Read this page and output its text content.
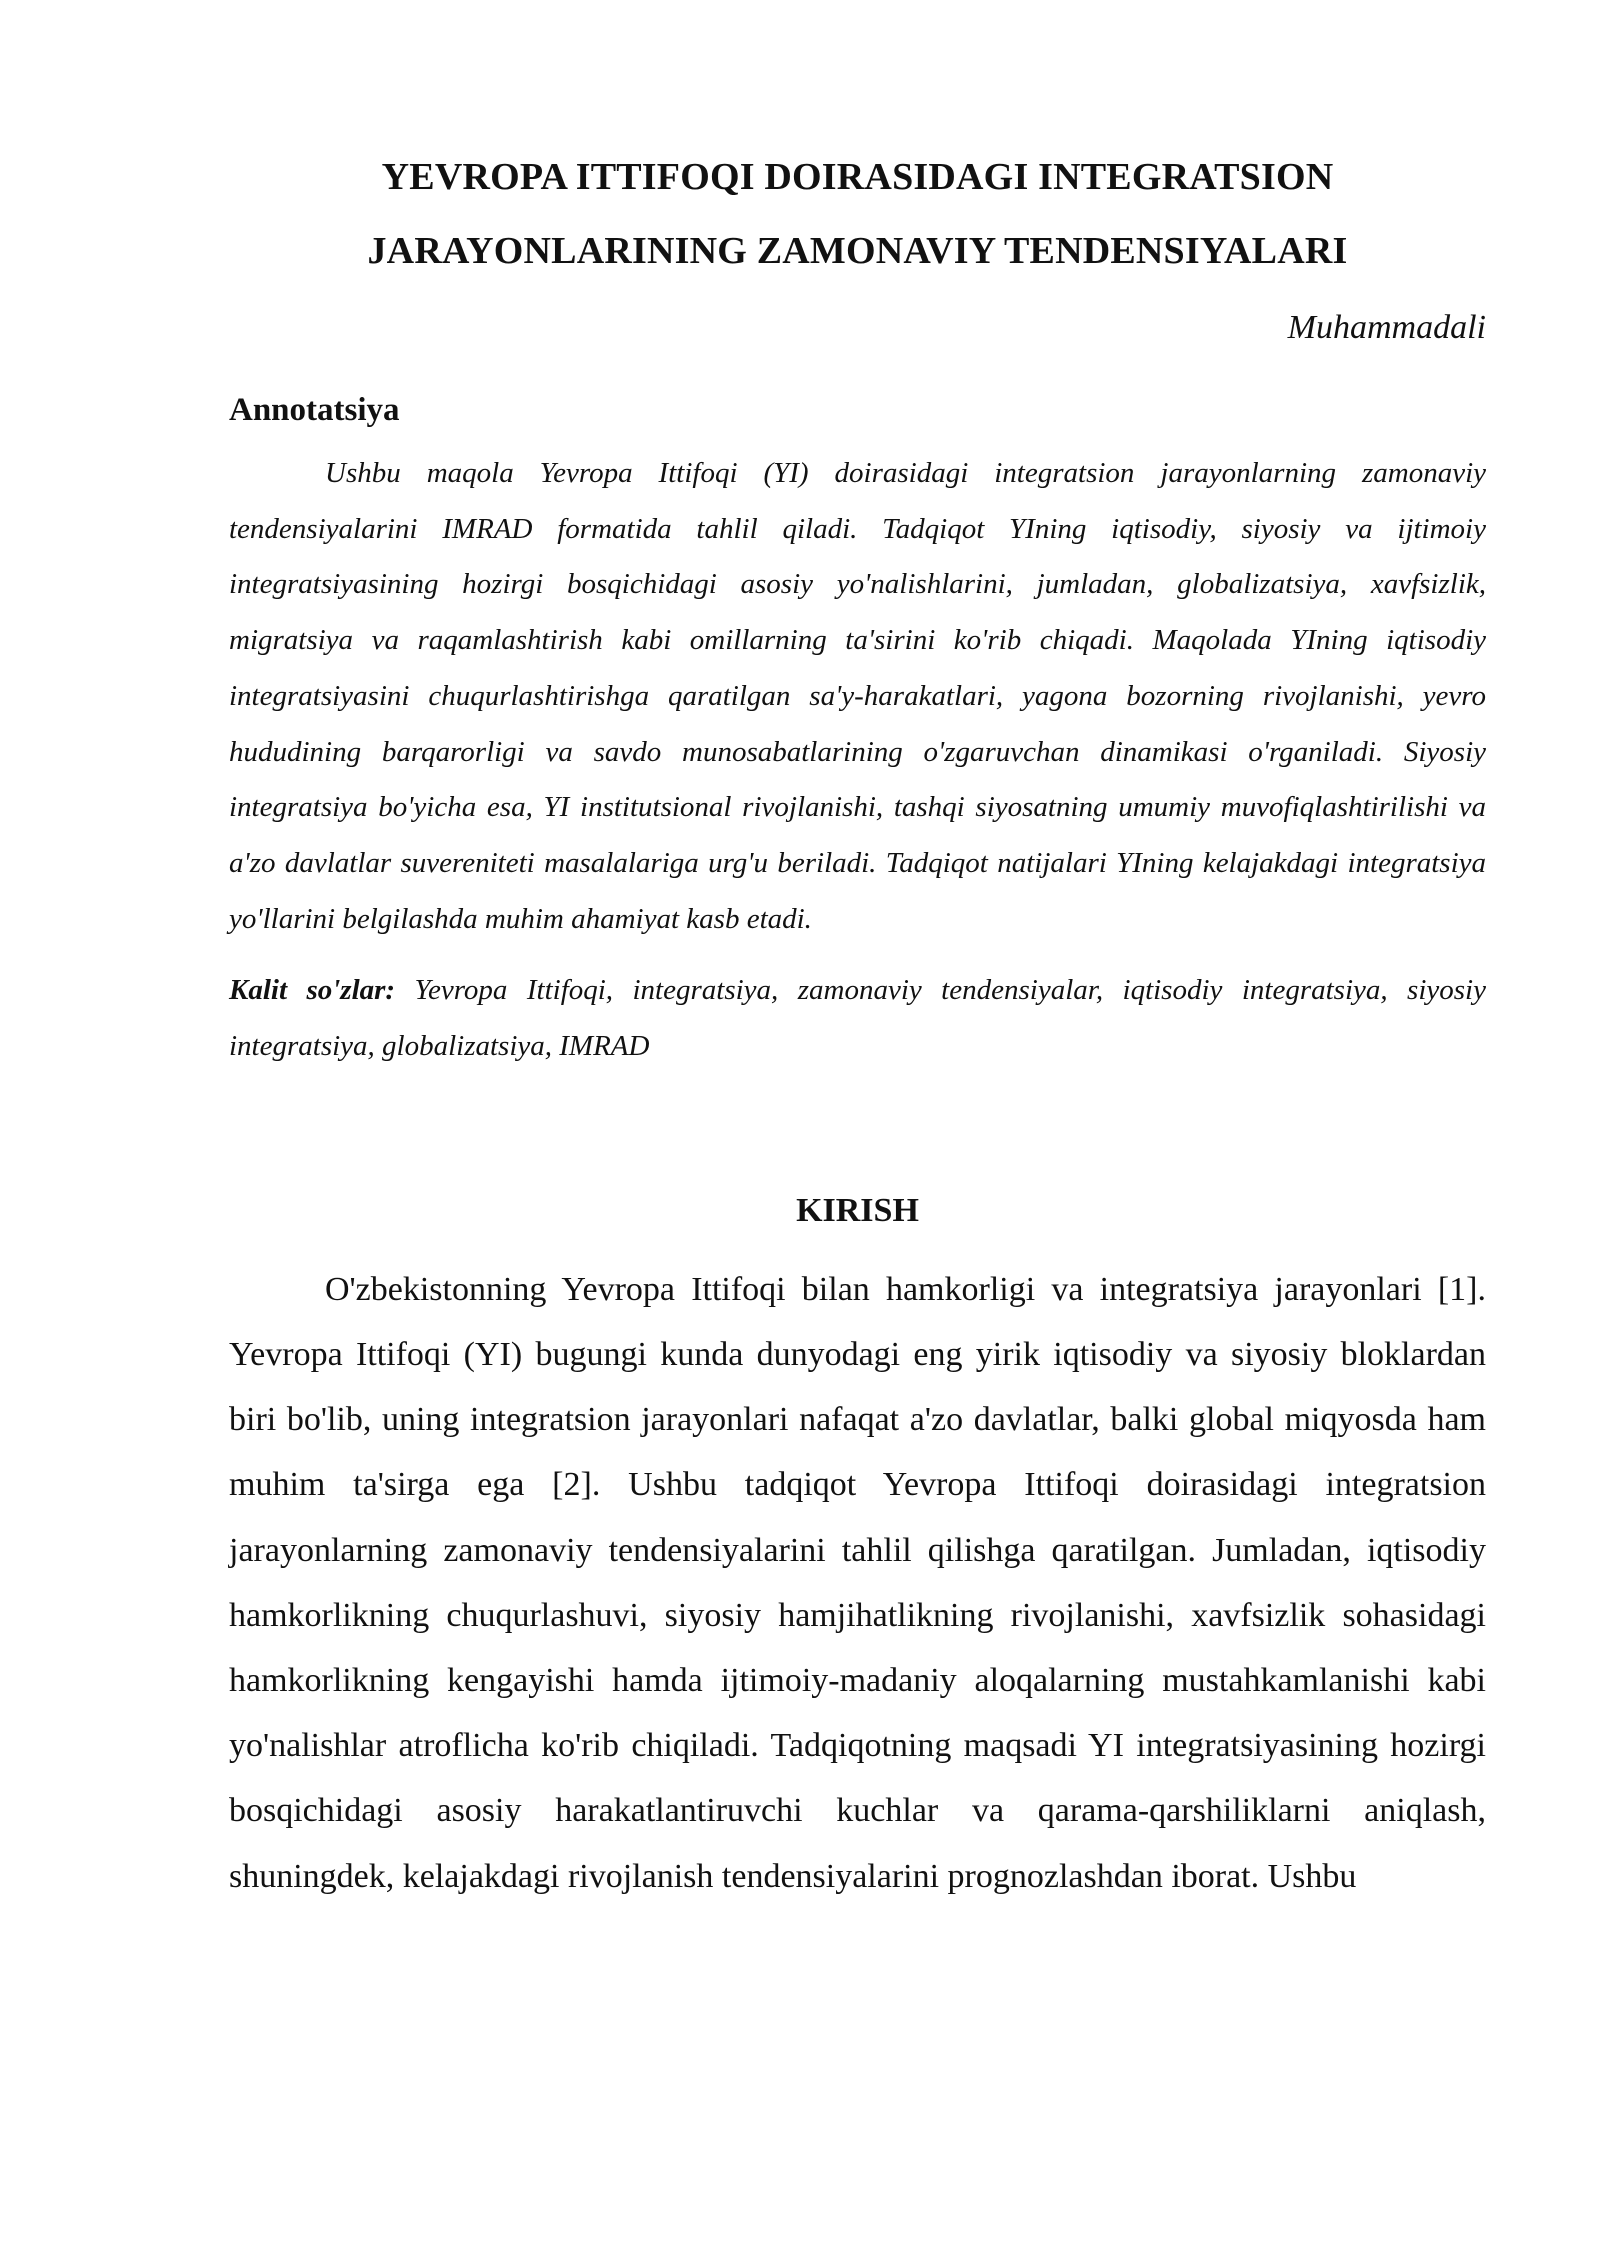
YEVROPA ITTIFOQI DOIRASIDAGI INTEGRATSION
JARAYONLARINING ZAMONAVIY TENDENSIYALARI

Muhammadali

Annotatsiya

Ushbu maqola Yevropa Ittifoqi (YI) doirasidagi integratsion jarayonlarning zamonaviy tendensiyalarini IMRAD formatida tahlil qiladi. Tadqiqot YIning iqtisodiy, siyosiy va ijtimoiy integratsiyasining hozirgi bosqichidagi asosiy yo'nalishlarini, jumladan, globalizatsiya, xavfsizlik, migratsiya va raqamlashtirish kabi omillarning ta'sirini ko'rib chiqadi. Maqolada YIning iqtisodiy integratsiyasini chuqurlashtirishga qaratilgan sa'y-harakatlari, yagona bozorning rivojlanishi, yevro hududining barqarorligi va savdo munosabatlarining o'zgaruvchan dinamikasi o'rganiladi. Siyosiy integratsiya bo'yicha esa, YI institutsional rivojlanishi, tashqi siyosatning umumiy muvofiqlashtirilishi va a'zo davlatlar suvereniteti masalalariga urg'u beriladi. Tadqiqot natijalari YIning kelajakdagi integratsiya yo'llarini belgilashda muhim ahamiyat kasb etadi.

Kalit so'zlar: Yevropa Ittifoqi, integratsiya, zamonaviy tendensiyalar, iqtisodiy integratsiya, siyosiy integratsiya, globalizatsiya, IMRAD

KIRISH

O'zbekistonning Yevropa Ittifoqi bilan hamkorligi va integratsiya jarayonlari [1]. Yevropa Ittifoqi (YI) bugungi kunda dunyodagi eng yirik iqtisodiy va siyosiy bloklardan biri bo'lib, uning integratsion jarayonlari nafaqat a'zo davlatlar, balki global miqyosda ham muhim ta'sirga ega [2]. Ushbu tadqiqot Yevropa Ittifoqi doirasidagi integratsion jarayonlarning zamonaviy tendensiyalarini tahlil qilishga qaratilgan. Jumladan, iqtisodiy hamkorlikning chuqurlashuvi, siyosiy hamjihatlikning rivojlanishi, xavfsizlik sohasidagi hamkorlikning kengayishi hamda ijtimoiy-madaniy aloqalarning mustahkamlanishi kabi yo'nalishlar atroflicha ko'rib chiqiladi. Tadqiqotning maqsadi YI integratsiyasining hozirgi bosqichidagi asosiy harakatlantiruvchi kuchlar va qarama-qarshiliklarni aniqlash, shuningdek, kelajakdagi rivojlanish tendensiyalarini prognozlashdan iborat. Ushbu
